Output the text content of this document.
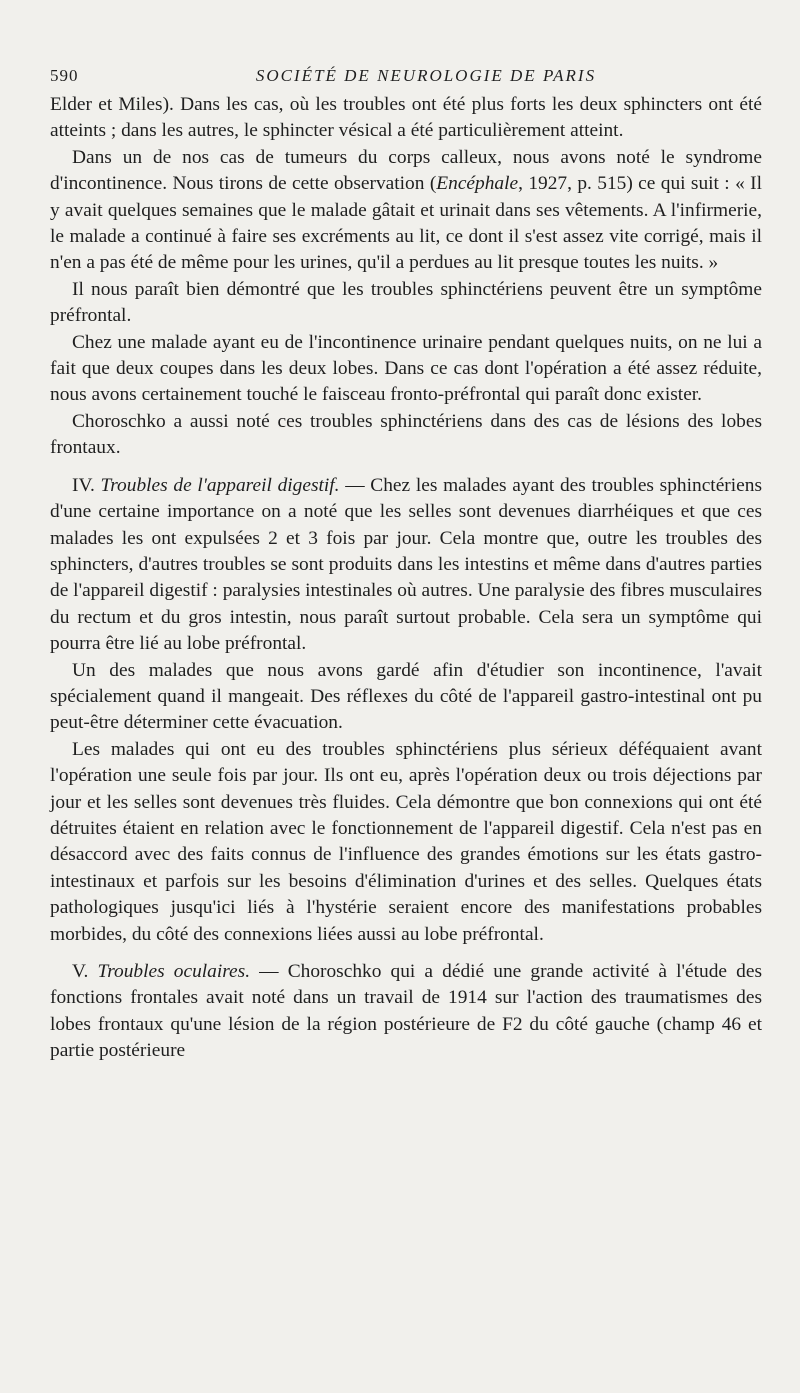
590	SOCIÉTÉ DE NEUROLOGIE DE PARIS

Elder et Miles). Dans les cas, où les troubles ont été plus forts les deux sphincters ont été atteints ; dans les autres, le sphincter vésical a été particulièrement atteint.

Dans un de nos cas de tumeurs du corps calleux, nous avons noté le syndrome d'incontinence. Nous tirons de cette observation (Encéphale, 1927, p. 515) ce qui suit : « Il y avait quelques semaines que le malade gâtait et urinait dans ses vêtements. A l'infirmerie, le malade a continué à faire ses excréments au lit, ce dont il s'est assez vite corrigé, mais il n'en a pas été de même pour les urines, qu'il a perdues au lit presque toutes les nuits. »

Il nous paraît bien démontré que les troubles sphinctériens peuvent être un symptôme préfrontal.

Chez une malade ayant eu de l'incontinence urinaire pendant quelques nuits, on ne lui a fait que deux coupes dans les deux lobes. Dans ce cas dont l'opération a été assez réduite, nous avons certainement touché le faisceau fronto-préfrontal qui paraît donc exister.

Choroschko a aussi noté ces troubles sphinctériens dans des cas de lésions des lobes frontaux.

IV. Troubles de l'appareil digestif. — Chez les malades ayant des troubles sphinctériens d'une certaine importance on a noté que les selles sont devenues diarrhéiques et que ces malades les ont expulsées 2 et 3 fois par jour. Cela montre que, outre les troubles des sphincters, d'autres troubles se sont produits dans les intestins et même dans d'autres parties de l'appareil digestif : paralysies intestinales où autres. Une paralysie des fibres musculaires du rectum et du gros intestin, nous paraît surtout probable. Cela sera un symptôme qui pourra être lié au lobe préfrontal.

Un des malades que nous avons gardé afin d'étudier son incontinence, l'avait spécialement quand il mangeait. Des réflexes du côté de l'appareil gastro-intestinal ont pu peut-être déterminer cette évacuation.

Les malades qui ont eu des troubles sphinctériens plus sérieux déféquaient avant l'opération une seule fois par jour. Ils ont eu, après l'opération deux ou trois déjections par jour et les selles sont devenues très fluides. Cela démontre que bon connexions qui ont été détruites étaient en relation avec le fonctionnement de l'appareil digestif. Cela n'est pas en désaccord avec des faits connus de l'influence des grandes émotions sur les états gastro-intestinaux et parfois sur les besoins d'élimination d'urines et des selles. Quelques états pathologiques jusqu'ici liés à l'hystérie seraient encore des manifestations probables morbides, du côté des connexions liées aussi au lobe préfrontal.

V. Troubles oculaires. — Choroschko qui a dédié une grande activité à l'étude des fonctions frontales avait noté dans un travail de 1914 sur l'action des traumatismes des lobes frontaux qu'une lésion de la région postérieure de F2 du côté gauche (champ 46 et partie postérieure
